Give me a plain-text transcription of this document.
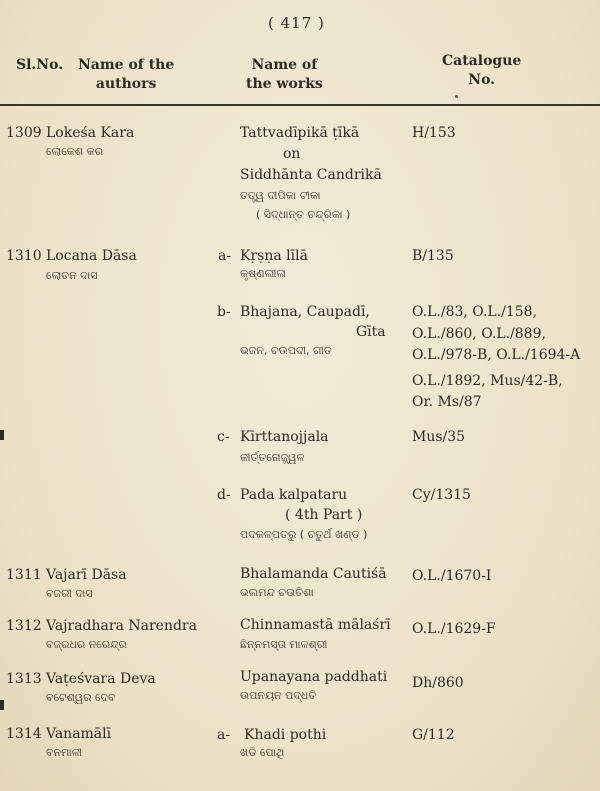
( 417 )
Sl.No. Name of the
authors
Name of
the works
Catalogue
No.
1309 Lokeśa Kara
ଲୋକେଶ କର
Tattvadīpikā ṭīkā
on
Siddhānta Candrikā
ତତ୍ତ୍ୱ ଦୀପିକା ଟୀକା
( ସିଦ୍ଧାନ୍ତ ଚନ୍ଦ୍ରିକା )
H/153
1310 Locana Dāsa
ଲୋଚନ ଦାସ
a- Kṛṣṇa līlā
କୃଷ୍ଣଲୀଳା
B/135
b- Bhajana, Caupadī,
Gīta
ଭଜନ, ଚଉପଦୀ, ଗୀତ
O.L./83, O.L./158,
O.L./860, O.L./889,
O.L./978-B, O.L./1694-A
O.L./1892, Mus/42-B,
Or. Ms/87
c- Kīrttanojjala
କୀର୍ତ୍ତନୋଜ୍ଜ୍ୱଳ
Mus/35
d- Pada kalpataru
( 4th Part )
ପଦକଳ୍ପତରୁ ( ଚତୁର୍ଥ ଖଣ୍ଡ )
Cy/1315
1311 Vajarī Dāsa
ବଜରୀ ଦାସ
Bhalamanda Cautiśā
ଭଲମନ୍ଦ ଚଉତିଶା
O.L./1670-I
1312 Vajradhara Narendra
ବଜ୍ରଧର ନରେନ୍ଦ୍ର
Chinnamastā mālaśrī
ଛିନ୍ନମସ୍ତା ମାଳଶ୍ରୀ
O.L./1629-F
1313 Vaṭeśvara Deva
ବଟେଶ୍ୱର ଦେବ
Upanayana paddhati
ଉପନୟନ ପଦ୍ଧତି
Dh/860
1314 Vanamālī
ବନମାଳୀ
a- Khadi pothi
ଖଡି ପୋଥି
G/112
